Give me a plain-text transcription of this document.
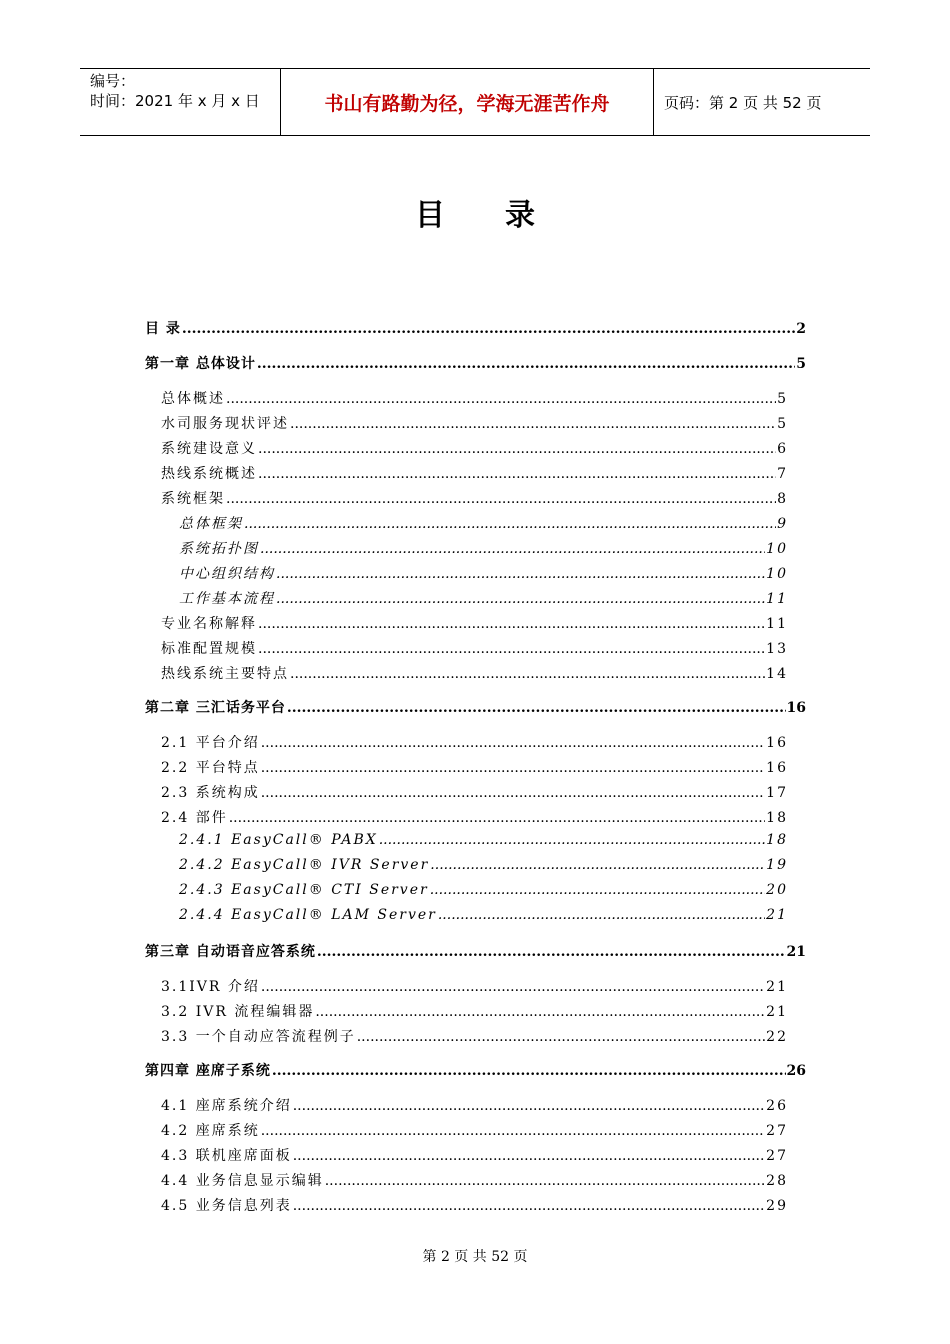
编号：
时间：2021 年 x 月 x 日	书山有路勤为径，学海无涯苦作舟	页码：第 2 页 共 52 页
目录
目 录 .....	2
第一章 总体设计 .....	5
总体概述 .....	5
水司服务现状评述 .....	5
系统建设意义 .....	6
热线系统概述 .....	7
系统框架 .....	8
总体框架 .....	9
系统拓扑图 .....	10
中心组织结构 .....	10
工作基本流程 .....	11
专业名称解释 .....	11
标准配置规模 .....	13
热线系统主要特点 .....	14
第二章 三汇话务平台 .....	16
2.1 平台介绍 .....	16
2.2 平台特点 .....	16
2.3 系统构成 .....	17
2.4 部件 .....	18
2.4.1 EasyCall® PABX .....	18
2.4.2 EasyCall® IVR Server .....	19
2.4.3 EasyCall® CTI Server .....	20
2.4.4 EasyCall® LAM Server .....	21
第三章 自动语音应答系统 .....	21
3.1IVR 介绍 .....	21
3.2 IVR 流程编辑器 .....	21
3.3 一个自动应答流程例子 .....	22
第四章 座席子系统 .....	26
4.1 座席系统介绍 .....	26
4.2 座席系统 .....	27
4.3 联机座席面板 .....	27
4.4 业务信息显示编辑 .....	28
4.5 业务信息列表 .....	29
第 2 页 共 52 页
